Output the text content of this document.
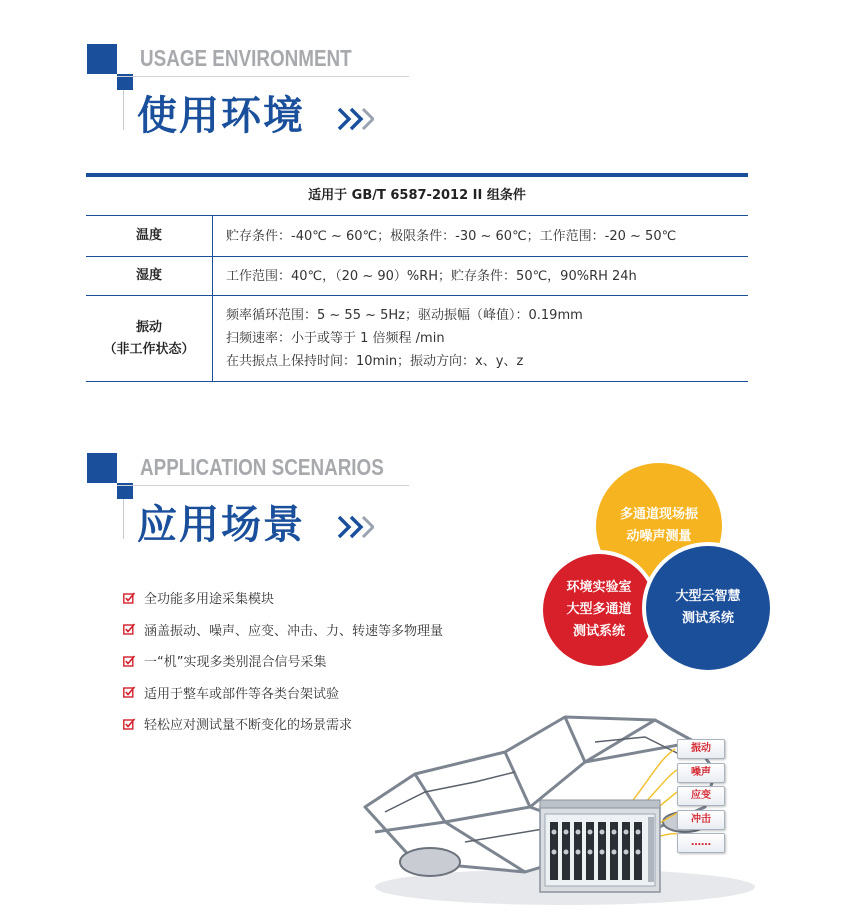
USAGE ENVIRONMENT
使用环境
适用于 GB/T 6587-2012 II 组条件
温度	贮存条件：-40℃ ~ 60℃；极限条件：-30 ~ 60℃；工作范围：-20 ~ 50℃
湿度	工作范围：40℃，（20 ~ 90）%RH；贮存条件：50℃，90%RH 24h
振动
（非工作状态）
频率循环范围：5 ~ 55 ~ 5Hz；驱动振幅（峰值）：0.19mm
扫频速率：小于或等于 1 倍频程 /min
在共振点上保持时间：10min；振动方向：x、y、z
APPLICATION SCENARIOS
应用场景
全功能多用途采集模块
涵盖振动、噪声、应变、冲击、力、转速等多物理量
一“机”实现多类别混合信号采集
适用于整车或部件等各类台架试验
轻松应对测试量不断变化的场景需求
多通道现场振
动噪声测量
环境实验室
大型多通道
测试系统
大型云智慧
测试系统
振动
噪声
应变
冲击
……
